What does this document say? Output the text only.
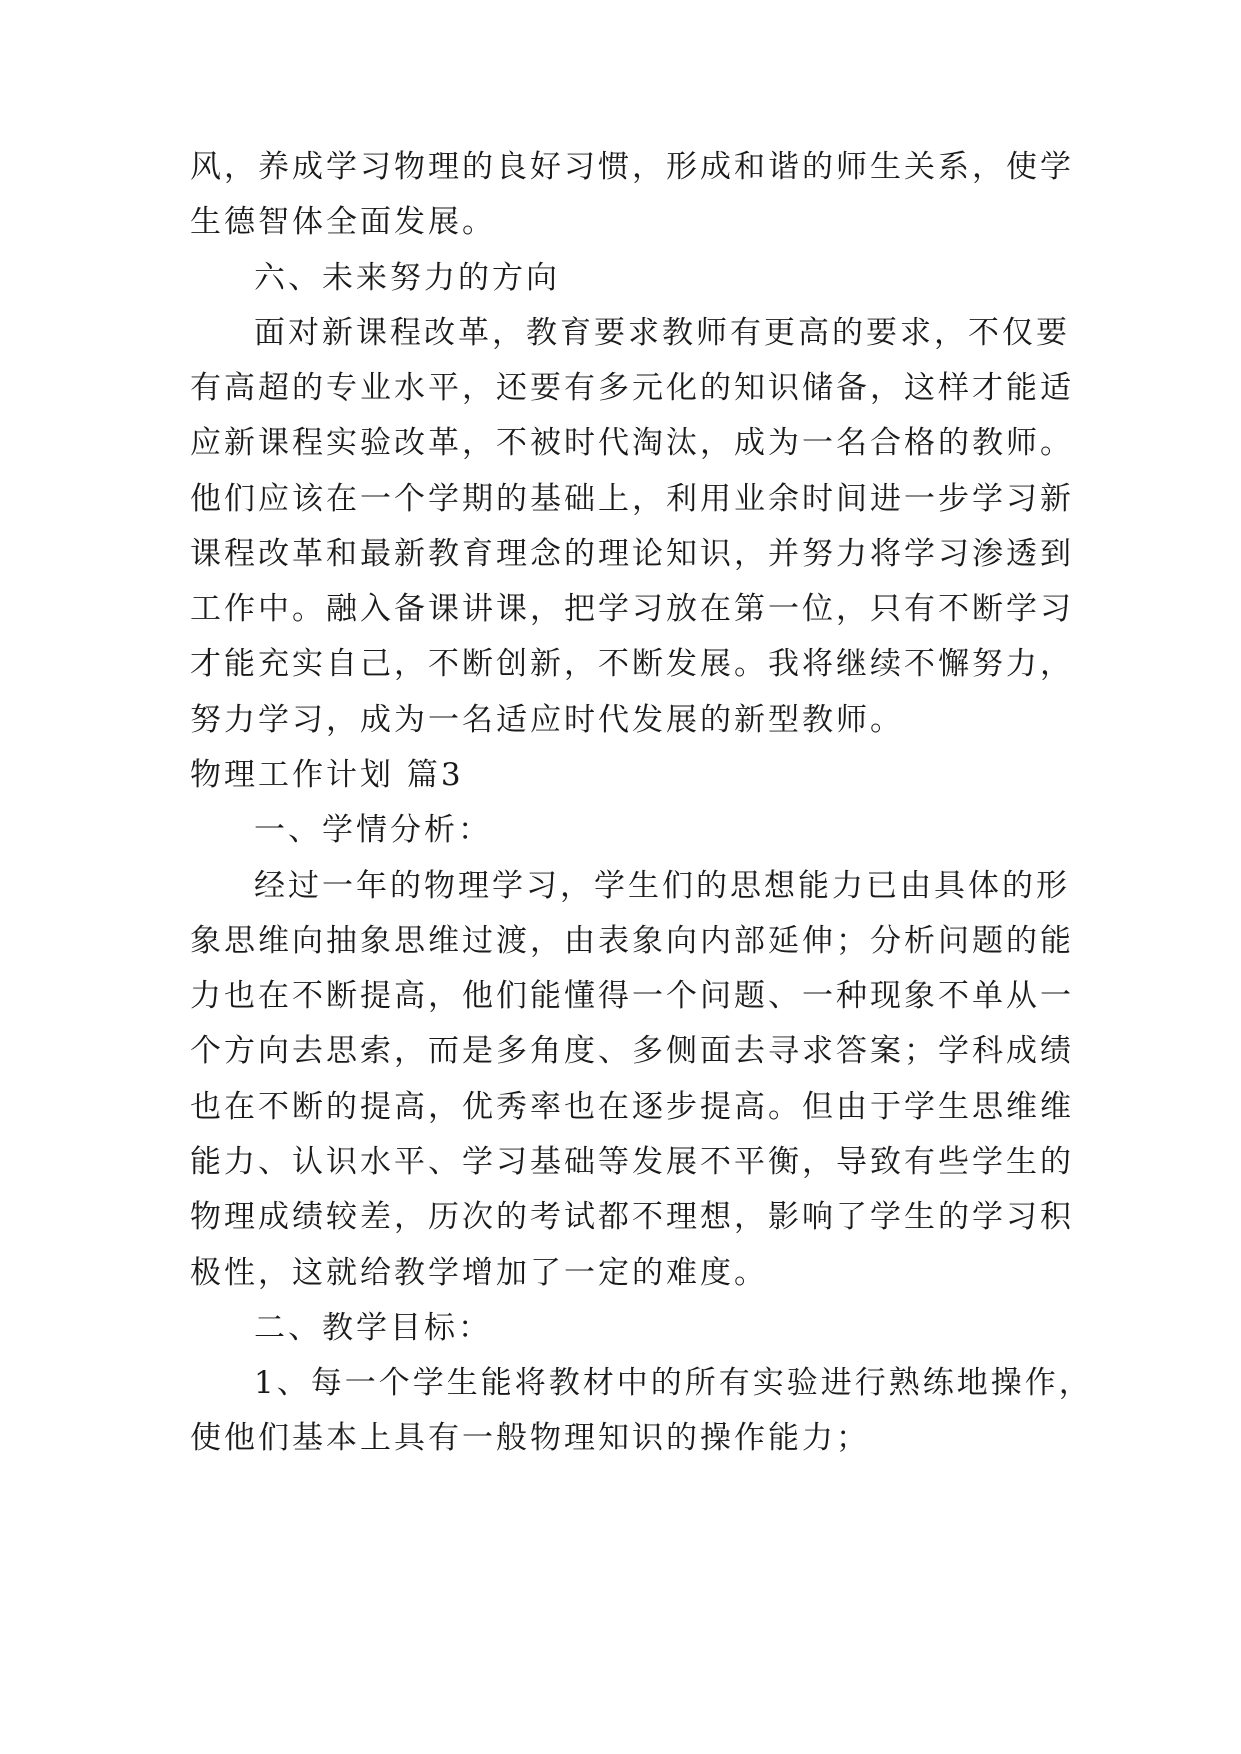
风，养成学习物理的良好习惯，形成和谐的师生关系，使学
生德智体全面发展。
六、未来努力的方向
面对新课程改革，教育要求教师有更高的要求，不仅要
有高超的专业水平，还要有多元化的知识储备，这样才能适
应新课程实验改革，不被时代淘汰，成为一名合格的教师。
他们应该在一个学期的基础上，利用业余时间进一步学习新
课程改革和最新教育理念的理论知识，并努力将学习渗透到
工作中。融入备课讲课，把学习放在第一位，只有不断学习
才能充实自己，不断创新，不断发展。我将继续不懈努力，
努力学习，成为一名适应时代发展的新型教师。
物理工作计划 篇3
一、学情分析：
经过一年的物理学习，学生们的思想能力已由具体的形
象思维向抽象思维过渡，由表象向内部延伸；分析问题的能
力也在不断提高，他们能懂得一个问题、一种现象不单从一
个方向去思索，而是多角度、多侧面去寻求答案；学科成绩
也在不断的提高，优秀率也在逐步提高。但由于学生思维维
能力、认识水平、学习基础等发展不平衡，导致有些学生的
物理成绩较差，历次的考试都不理想，影响了学生的学习积
极性，这就给教学增加了一定的难度。
二、教学目标：
1、每一个学生能将教材中的所有实验进行熟练地操作，
使他们基本上具有一般物理知识的操作能力；
